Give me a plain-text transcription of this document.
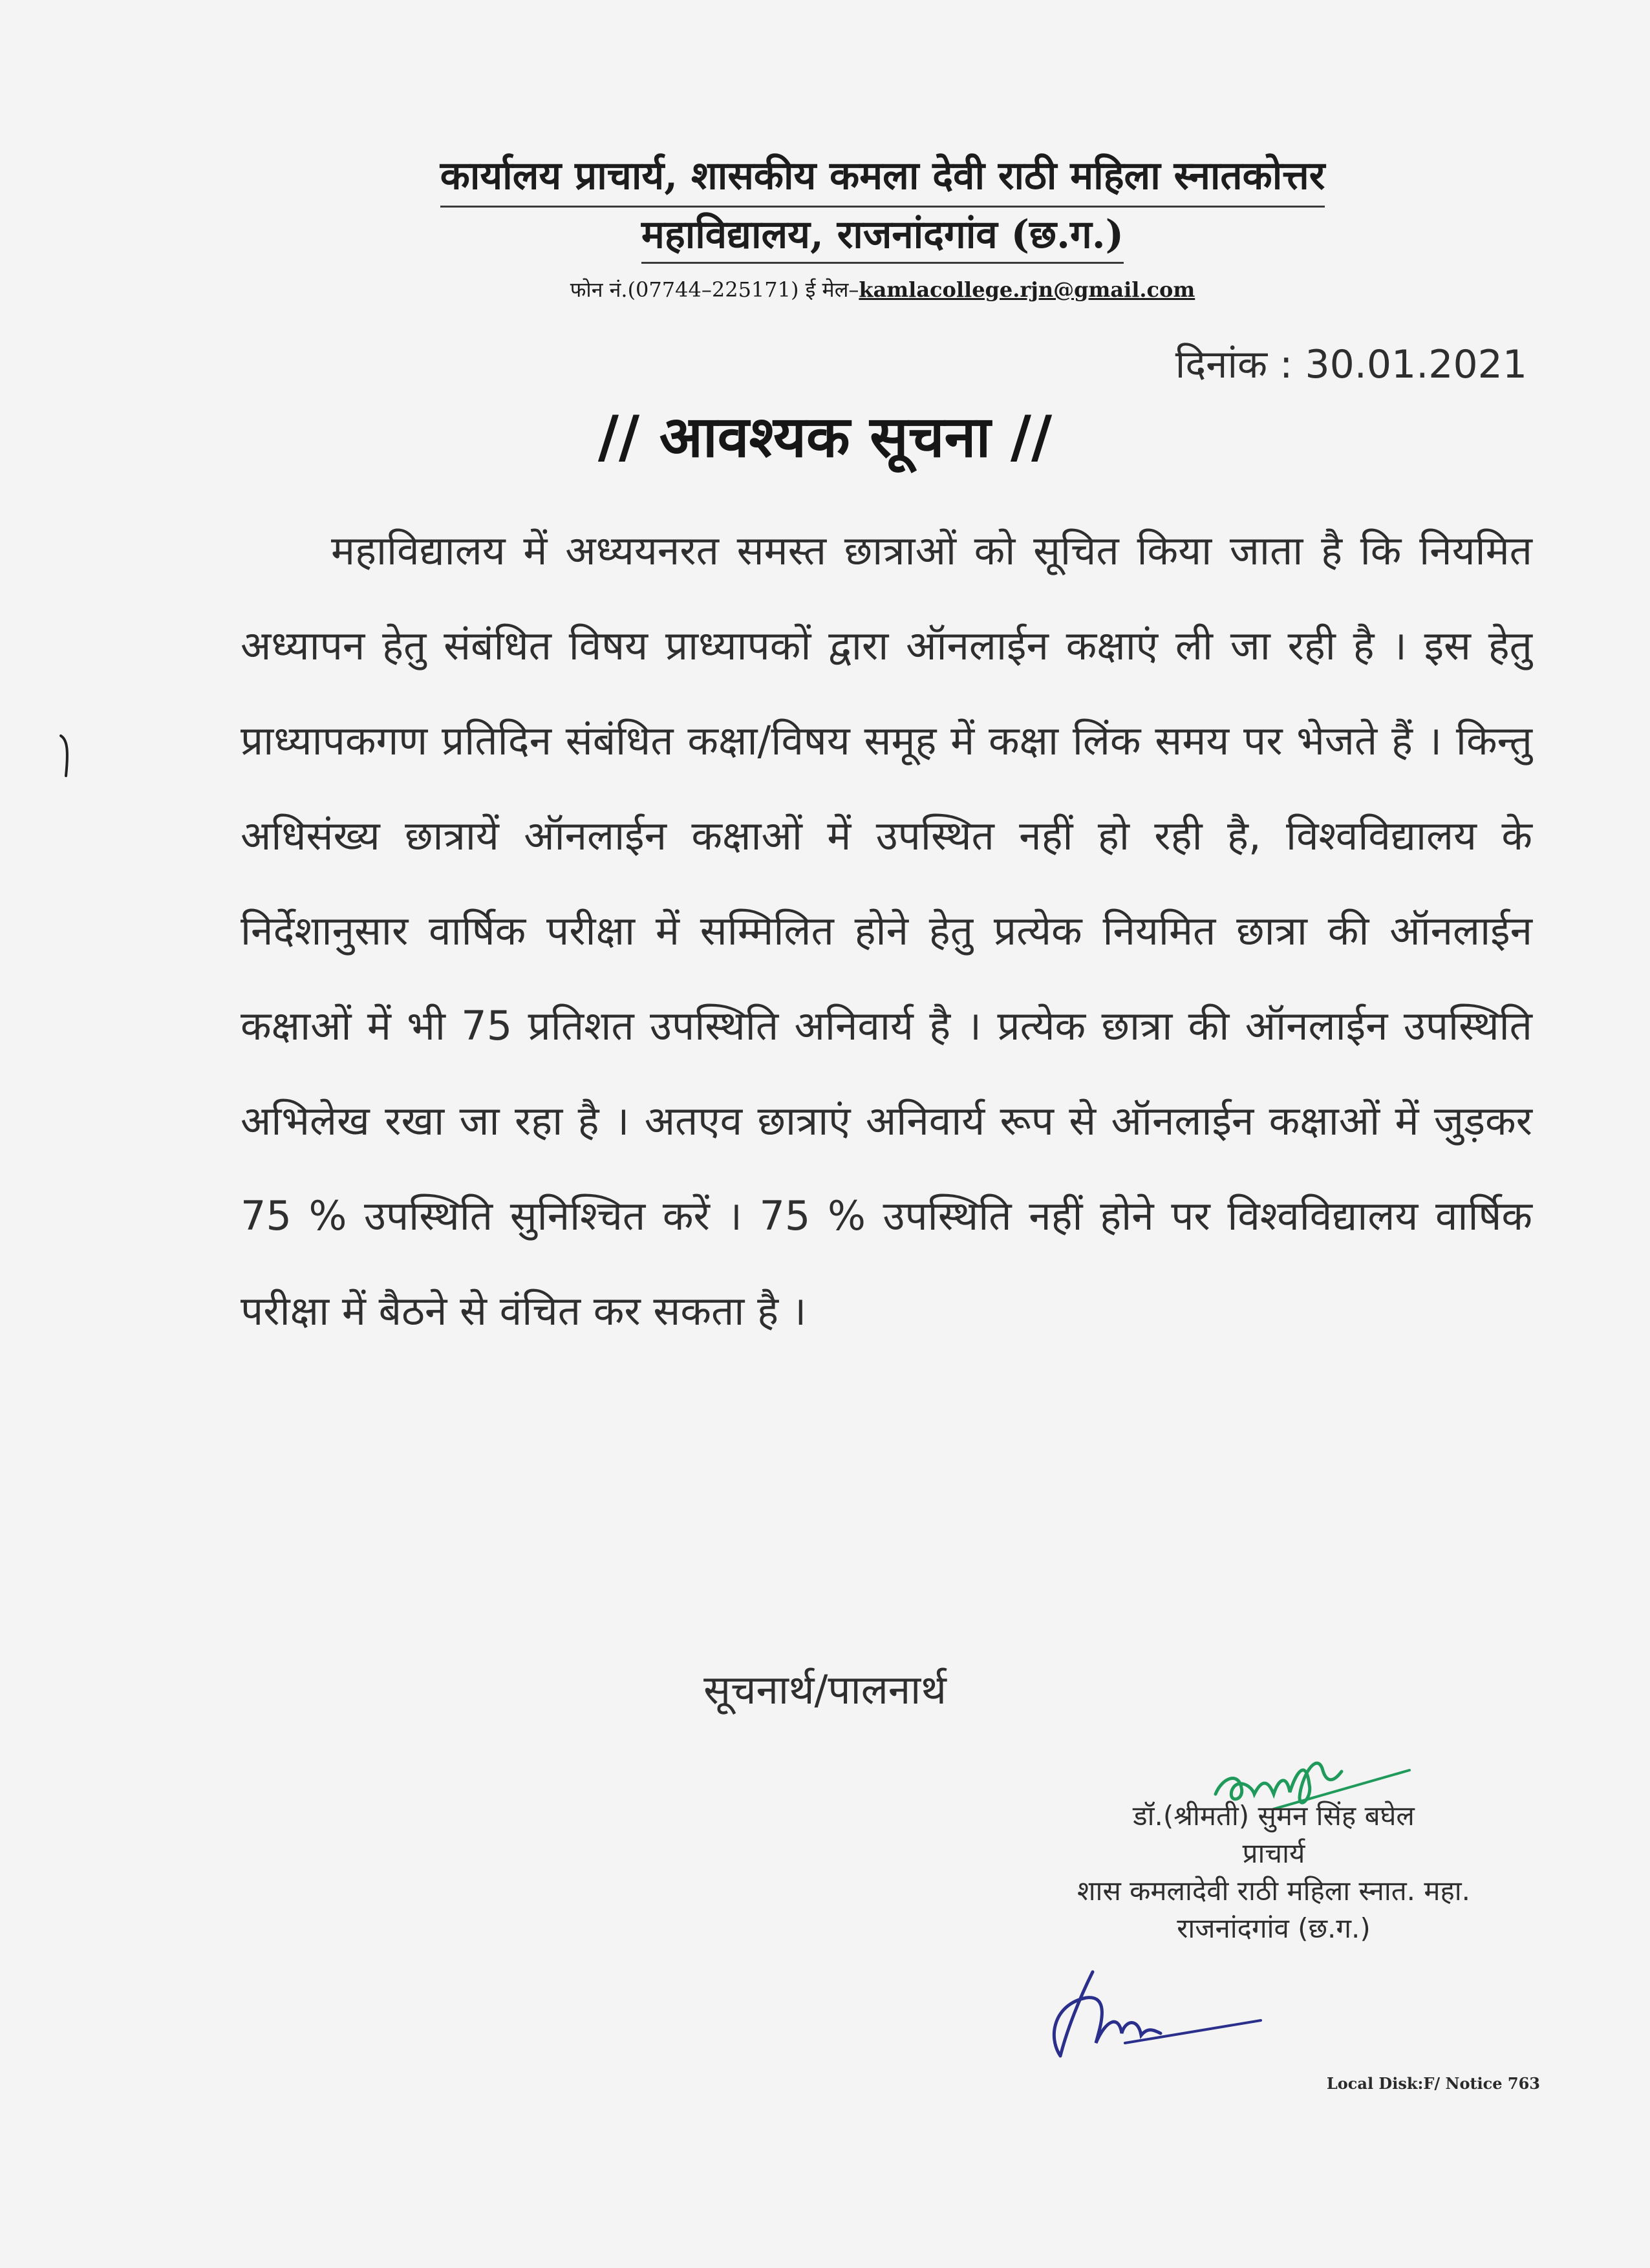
कार्यालय प्राचार्य, शासकीय कमला देवी राठी महिला स्नातकोत्तर
महाविद्यालय, राजनांदगांव (छ.ग.)
फोन नं.(07744–225171) ई मेल–kamlacollege.rjn@gmail.com
दिनांक : 30.01.2021
// आवश्यक सूचना //
महाविद्यालय में अध्ययनरत समस्त छात्राओं को सूचित किया जाता है कि नियमित अध्यापन हेतु संबंधित विषय प्राध्यापकों द्वारा ऑनलाईन कक्षाएं ली जा रही है । इस हेतु प्राध्यापकगण प्रतिदिन संबंधित कक्षा/विषय समूह में कक्षा लिंक समय पर भेजते हैं । किन्तु अधिसंख्य छात्रायें ऑनलाईन कक्षाओं में उपस्थित नहीं हो रही है, विश्वविद्यालय के निर्देशानुसार वार्षिक परीक्षा में सम्मिलित होने हेतु प्रत्येक नियमित छात्रा की ऑनलाईन कक्षाओं में भी 75 प्रतिशत उपस्थिति अनिवार्य है । प्रत्येक छात्रा की ऑनलाईन उपस्थिति अभिलेख रखा जा रहा है । अतएव छात्राएं अनिवार्य रूप से ऑनलाईन कक्षाओं में जुड़कर 75 % उपस्थिति सुनिश्चित करें । 75 % उपस्थिति नहीं होने पर विश्वविद्यालय वार्षिक परीक्षा में बैठने से वंचित कर सकता है ।
सूचनार्थ/पालनार्थ
डॉ.(श्रीमती) सुमन सिंह बघेल
प्राचार्य
शास कमलादेवी राठी महिला स्नात. महा.
राजनांदगांव (छ.ग.)
Local Disk:F/ Notice 763
